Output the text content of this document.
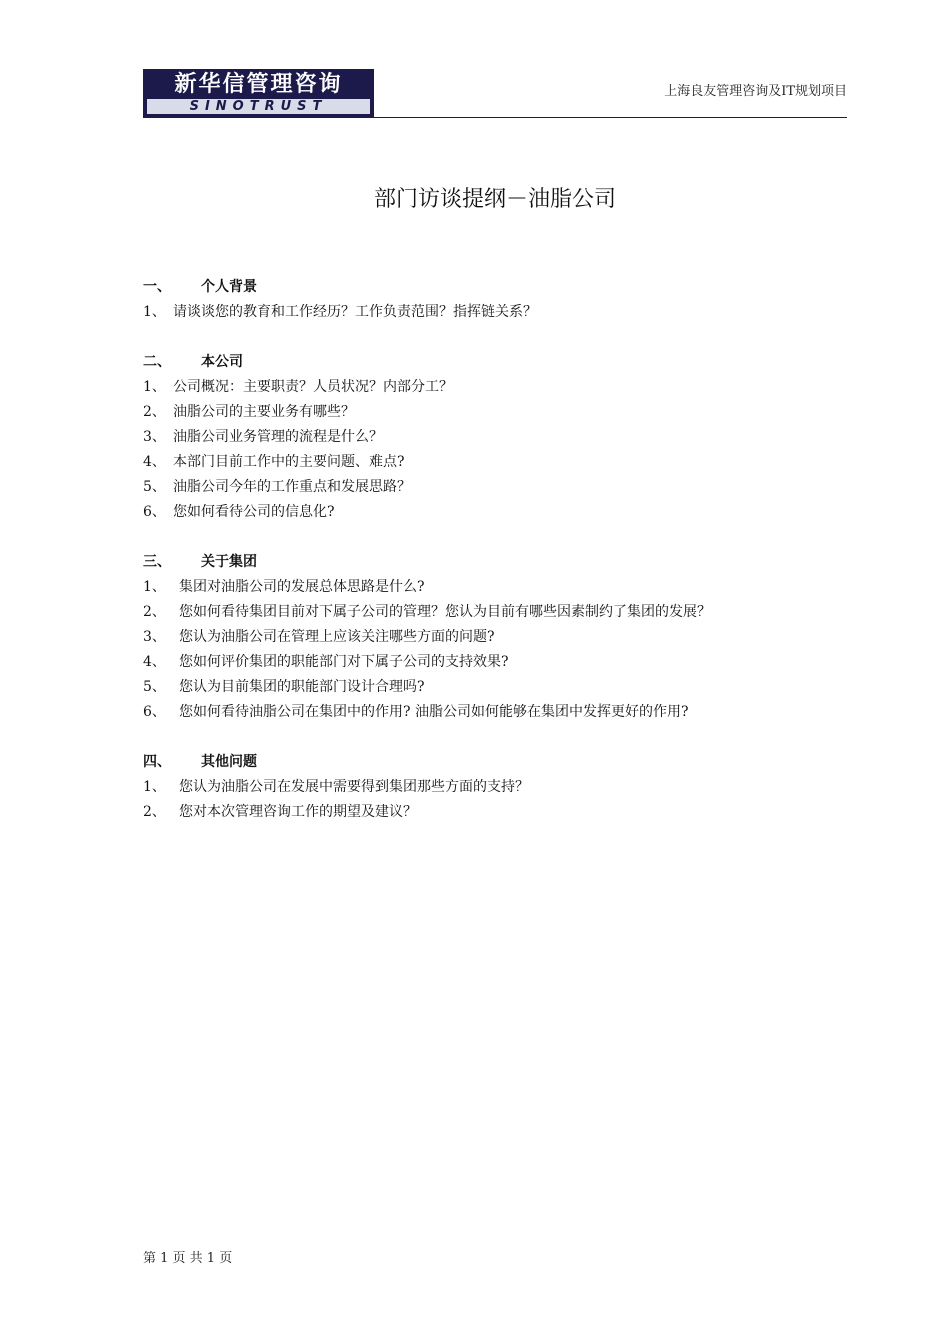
新华信管理咨询
SINOTRUST
上海良友管理咨询及IT规划项目
部门访谈提纲－油脂公司
一、 个人背景
1、 请谈谈您的教育和工作经历？工作负责范围？指挥链关系？
二、 本公司
1、 公司概况：主要职责？人员状况？内部分工？
2、 油脂公司的主要业务有哪些？
3、 油脂公司业务管理的流程是什么？
4、 本部门目前工作中的主要问题、难点?
5、 油脂公司今年的工作重点和发展思路？
6、 您如何看待公司的信息化?
三、 关于集团
1、 集团对油脂公司的发展总体思路是什么?
2、 您如何看待集团目前对下属子公司的管理？您认为目前有哪些因素制约了集团的发展？
3、 您认为油脂公司在管理上应该关注哪些方面的问题?
4、 您如何评价集团的职能部门对下属子公司的支持效果?
5、 您认为目前集团的职能部门设计合理吗?
6、 您如何看待油脂公司在集团中的作用? 油脂公司如何能够在集团中发挥更好的作用?
四、 其他问题
1、 您认为油脂公司在发展中需要得到集团那些方面的支持？
2、 您对本次管理咨询工作的期望及建议？
第 1 页 共 1 页
